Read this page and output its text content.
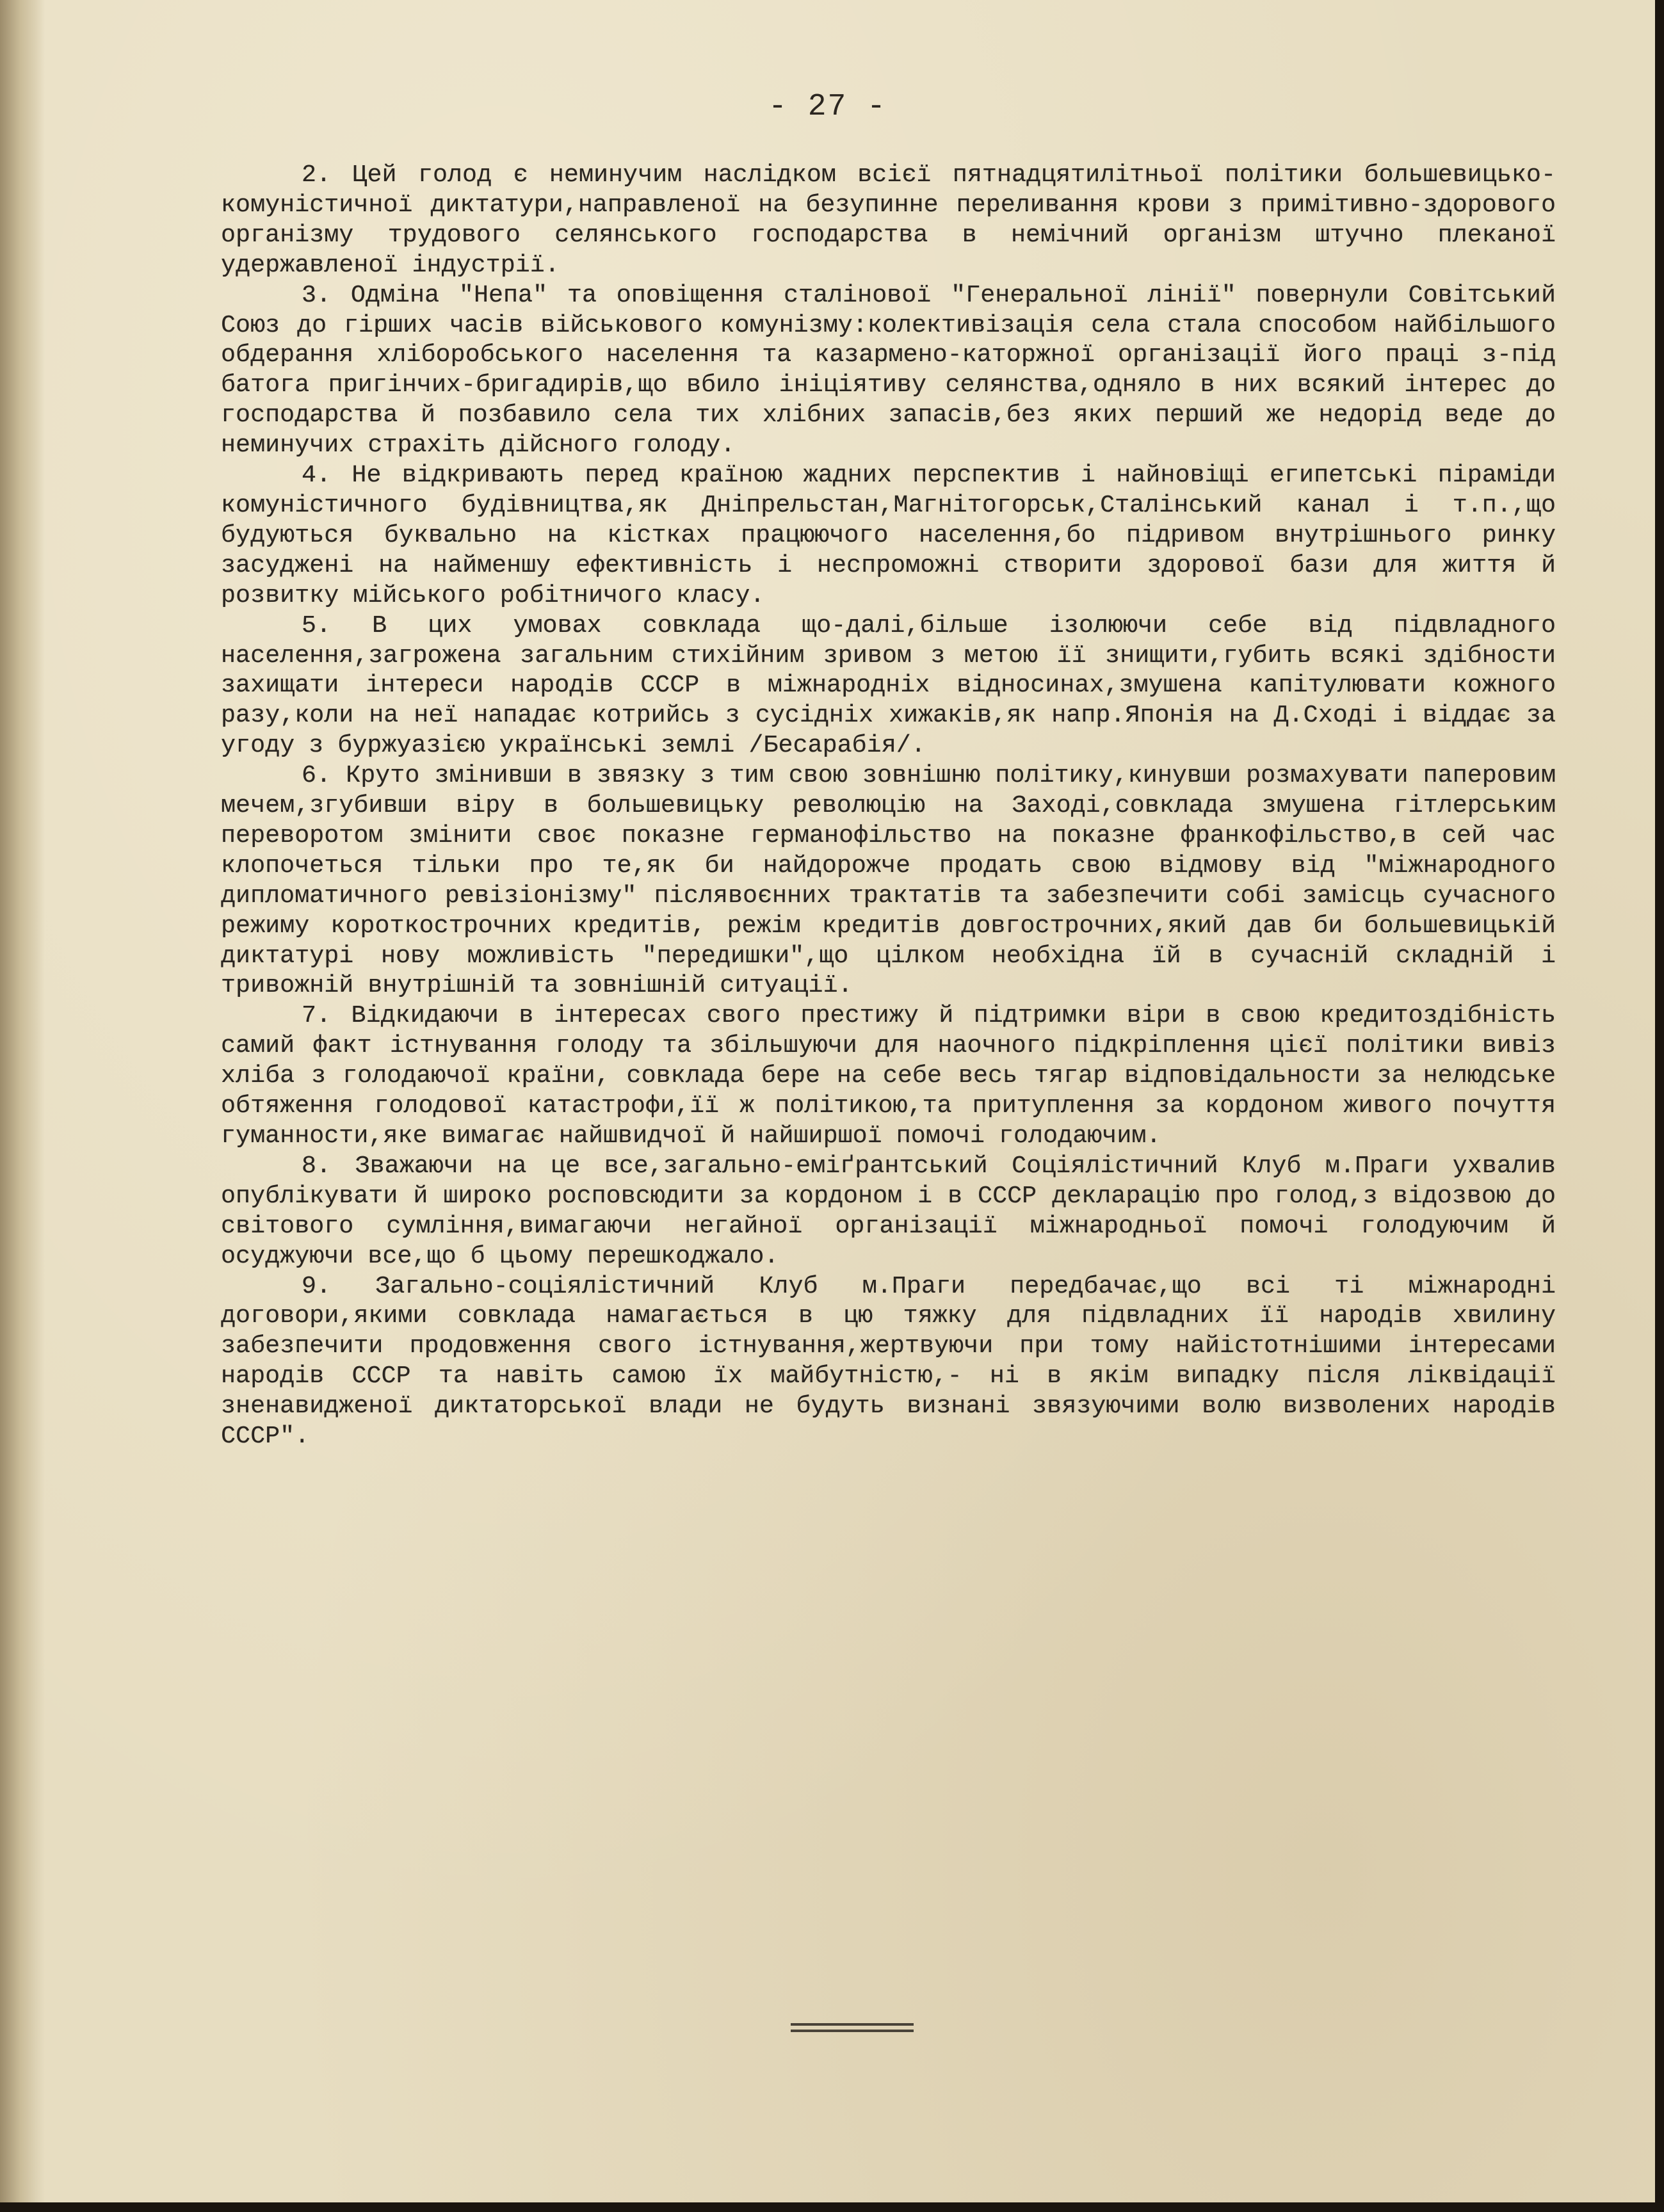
- 27 -

2. Цей голод є неминучим наслідком всієї пятнадцятилітньої політики большевицько-комуністичної диктатури,направленої на безупинне переливання крови з примітивно-здорового організму трудового селянського господарства в немічний організм штучно плеканої удержавленої індустрії.

3. Одміна "Непа" та оповіщення сталінової "Генеральної лінії" повернули Совітський Союз до гірших часів військового комунізму:колективізація села стала способом найбільшого обдерання хліборобського населення та казармено-каторжної організації його праці з-під батога пригінчих-бригадирів,що вбило ініціятиву селянства,одняло в них всякий інтерес до господарства й позбавило села тих хлібних запасів,без яких перший же недорід веде до неминучих страхіть дійсного голоду.

4. Не відкривають перед країною жадних перспектив і найновіщі египетські піраміди комуністичного будівництва,як Дніпрельстан,Магнітогорськ,Сталінський канал і т.п.,що будуються буквально на кістках працюючого населення,бо підривом внутрішнього ринку засуджені на найменшу ефективність і неспроможні створити здорової бази для життя й розвитку мійського робітничого класу.

5. В цих умовах совклада що-далі,більше ізолюючи себе від підвладного населення,загрожена загальним стихійним зривом з метою її знищити,губить всякі здібности захищати інтереси народів СССР в міжнародніх відносинах,змушена капітулювати кожного разу,коли на неї нападає котрийсь з сусідніх хижаків,як напр.Японія на Д.Сході і віддає за угоду з буржуазією українські землі /Бесарабія/.

6. Круто змінивши в звязку з тим свою зовнішню політику,кинувши розмахувати паперовим мечем,згубивши віру в большевицьку революцію на Заході,совклада змушена гітлерським переворотом змінити своє показне германофільство на показне франкофільство,в сей час клопочеться тільки про те,як би найдорожче продать свою відмову від "міжнародного дипломатичного ревізіонізму" післявоєнних трактатів та забезпечити собі замісць сучасного режиму короткострочних кредитів, режім кредитів довгострочних,який дав би большевицькій диктатурі нову можливість "передишки",що цілком необхідна їй в сучасній складній і тривожній внутрішній та зовнішній ситуації.

7. Відкидаючи в інтересах свого престижу й підтримки віри в свою кредитоздібність самий факт істнування голоду та збільшуючи для наочного підкріплення цієї політики вивіз хліба з голодаючої країни, совклада бере на себе весь тягар відповідальности за нелюдське обтяження голодової катастрофи,її ж політикою,та притуплення за кордоном живого почуття гуманности,яке вимагає найшвидчої й найширшої помочі голодаючим.

8. Зважаючи на це все,загально-еміґрантський Соціялістичний Клуб м.Праги ухвалив опублікувати й широко росповсюдити за кордоном і в СССР декларацію про голод,з відозвою до світового сумління,вимагаючи негайної організації міжнародньої помочі голодуючим й осуджуючи все,що б цьому перешкоджало.

9. Загально-соціялістичний Клуб м.Праги передбачає,що всі ті міжнародні договори,якими совклада намагається в цю тяжку для підвладних її народів хвилину забезпечити продовження свого істнування,жертвуючи при тому найістотнішими інтересами народів СССР та навіть самою їх майбутністю,- ні в якім випадку після ліквідації зненавидженої диктаторської влади не будуть визнані звязуючими волю визволених народів СССР".
